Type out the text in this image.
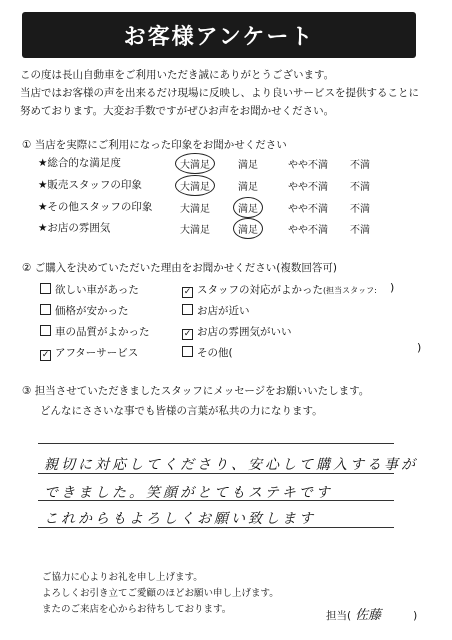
お客様アンケート
この度は長山自動車をご利用いただき誠にありがとうございます。
当店ではお客様の声を出来るだけ現場に反映し、より良いサービスを提供することに
努めております。大変お手数ですがぜひお声をお聞かせください。
① 当店を実際にご利用になった印象をお聞かせください
★総合的な満足度	大満足	満足	やや不満 不満
★販売スタッフの印象	大満足	満足	やや不満 不満
★その他スタッフの印象	大満足	満足	やや不満 不満
★お店の雰囲気	大満足	満足	やや不満 不満
② ご購入を決めていただいた理由をお聞かせください(複数回答可)
欲しい車があった	✓ スタッフの対応がよかった(担当スタッフ:
価格が安かった	お店が近い
車の品質がよかった	✓ お店の雰囲気がいい
✓ アフターサービス	その他(
)
)
③ 担当させていただきましたスタッフにメッセージをお願いいたします。
どんなにささいな事でも皆様の言葉が私共の力になります。
親切に対応してくださり、安心して購入する事が
できました。笑顔がとてもステキです
これからもよろしくお願い致します
ご協力に心よりお礼を申し上げます。
よろしくお引き立てご愛顧のほどお願い申し上げます。
またのご来店を心からお待ちしております。
担当( 佐藤	)
